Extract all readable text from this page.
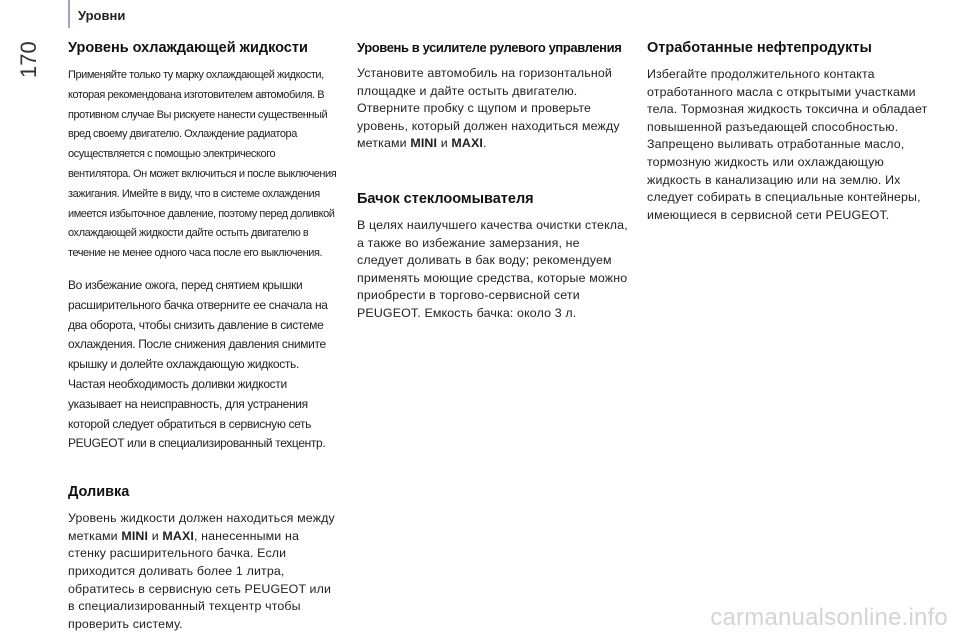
Уровни
170 Уровень охлаждающей жидкости

Применяйте только ту марку охлаждающей жидкости, которая рекомендована изготовителем автомобиля. В противном случае Вы рискуете нанести существенный вред своему двигателю. Охлаждение радиатора осуществляется с помощью электрического вентилятора. Он может включиться и после выключения зажигания. Имейте в виду, что в системе охлаждения имеется избыточное давление, поэтому перед доливкой охлаждающей жидкости дайте остыть двигателю в течение не менее одного часа после его выключения.

Во избежание ожога, перед снятием крышки расширительного бачка отверните ее сначала на два оборота, чтобы снизить давление в системе охлаждения. После снижения давления снимите крышку и долейте охлаждающую жидкость.

Частая необходимость доливки жидкости указывает на неисправность, для устранения которой следует обратиться в сервисную сеть PEUGEOT или в специализированный техцентр.

Доливка

Уровень жидкости должен находиться между метками MINI и MAXI, нанесенными на стенку расширительного бачка. Если приходится доливать более 1 литра, обратитесь в сервисную сеть PEUGEOT или в специализированный техцентр чтобы проверить систему.

Уровень в усилителе рулевого управления

Установите автомобиль на горизонтальной площадке и дайте остыть двигателю. Отверните пробку с щупом и проверьте уровень, который должен находиться между метками MINI и MAXI.

Бачок стеклоомывателя

В целях наилучшего качества очистки стекла, а также во избежание замерзания, не следует доливать в бак воду; рекомендуем применять моющие средства, которые можно приобрести в торгово-сервисной сети PEUGEOT. Емкость бачка: около 3 л.

Отработанные нефтепродукты

Избегайте продолжительного контакта отработанного масла с открытыми участками тела. Тормозная жидкость токсична и обладает повышенной разъедающей способностью. Запрещено выливать отработанные масло, тормозную жидкость или охлаждающую жидкость в канализацию или на землю. Их следует собирать в специальные контейнеры, имеющиеся в сервисной сети PEUGEOT.

carmanualsonline.info
